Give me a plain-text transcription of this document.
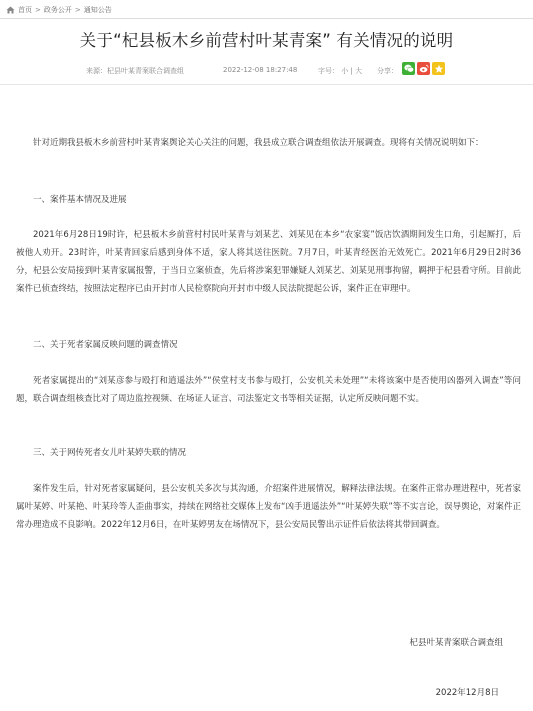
首页 > 政务公开 > 通知公告
关于“杞县板木乡前营村叶某青案” 有关情况的说明
来源：杞县叶某青案联合调查组	2022-12-08 18:27:48	字号： 小 | 大 分享：

针对近期我县板木乡前营村叶某青案舆论关心关注的问题，我县成立联合调查组依法开展调查。现将有关情况说明如下：

一、案件基本情况及进展

2021年6月28日19时许，杞县板木乡前营村村民叶某青与刘某艺、刘某见在本乡“农家宴”饭店饮酒期间发生口角，引起厮打，后被他人劝开。23时许，叶某青回家后感到身体不适，家人将其送往医院。7月7日，叶某青经医治无效死亡。2021年6月29日2时36分，杞县公安局接到叶某青家属报警，于当日立案侦查，先后将涉案犯罪嫌疑人刘某艺、刘某见刑事拘留，羁押于杞县看守所。目前此案件已侦查终结，按照法定程序已由开封市人民检察院向开封市中级人民法院提起公诉，案件正在审理中。

二、关于死者家属反映问题的调查情况

死者家属提出的“刘某彦参与殴打和逍遥法外”“侯堂村支书参与殴打，公安机关未处理”“未将该案中是否使用凶器列入调查”等问题，联合调查组核查比对了周边监控视频、在场证人证言、司法鉴定文书等相关证据，认定所反映问题不实。

三、关于网传死者女儿叶某婷失联的情况

案件发生后，针对死者家属疑问，县公安机关多次与其沟通，介绍案件进展情况，解释法律法规。在案件正常办理进程中，死者家属叶某婷、叶某艳、叶某玲等人歪曲事实，持续在网络社交媒体上发布“凶手逍遥法外”“叶某婷失联”等不实言论，误导舆论，对案件正常办理造成不良影响。2022年12月6日，在叶某婷男友在场情况下，县公安局民警出示证件后依法将其带回调查。

杞县叶某青案联合调查组
2022年12月8日
